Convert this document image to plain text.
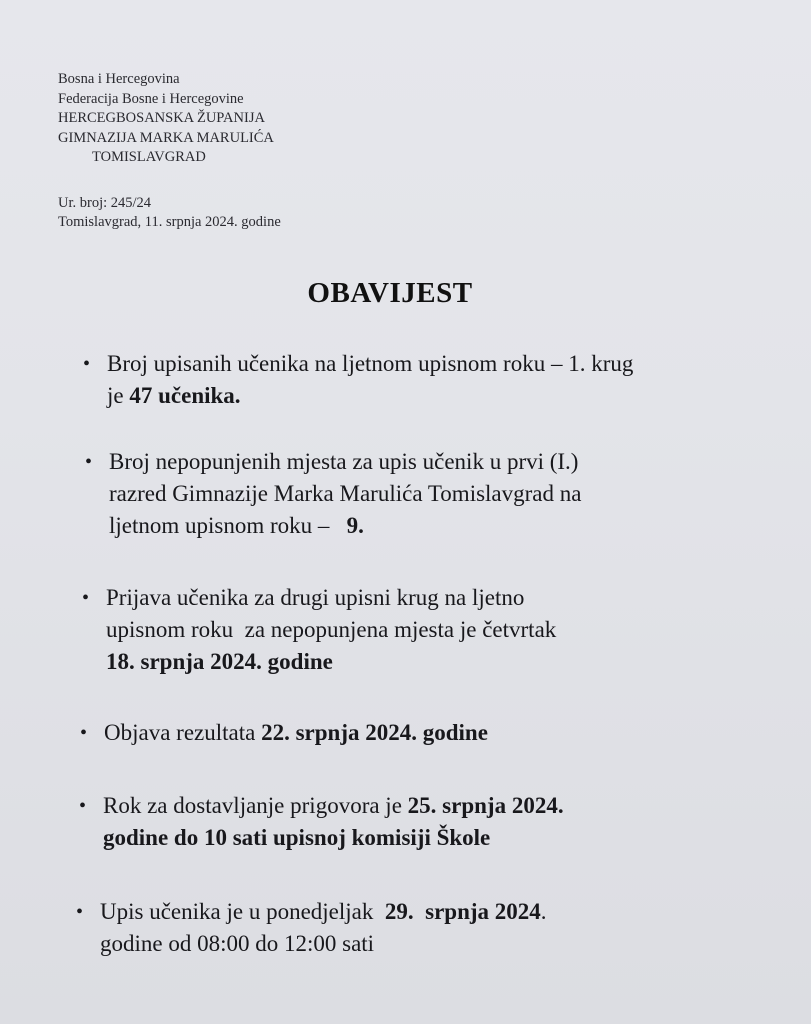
Bosna i Hercegovina
Federacija Bosne i Hercegovine
HERCEGBOSANSKA ŽUPANIJA
GIMNAZIJA MARKA MARULIĆA
TOMISLAVGRAD
Ur. broj: 245/24
Tomislavgrad, 11. srpnja 2024. godine
OBAVIJEST
• Broj upisanih učenika na ljetnom upisnom roku – 1. krug
je 47 učenika.
• Broj nepopunjenih mjesta za upis učenik u prvi (I.)
razred Gimnazije Marka Marulića Tomislavgrad na
ljetnom upisnom roku –   9.
• Prijava učenika za drugi upisni krug na ljetno
upisnom roku  za nepopunjena mjesta je četvrtak
18. srpnja 2024. godine
• Objava rezultata 22. srpnja 2024. godine
• Rok za dostavljanje prigovora je 25. srpnja 2024.
godine do 10 sati upisnoj komisiji Škole
• Upis učenika je u ponedjeljak  29.  srpnja 2024.
godine od 08:00 do 12:00 sati
